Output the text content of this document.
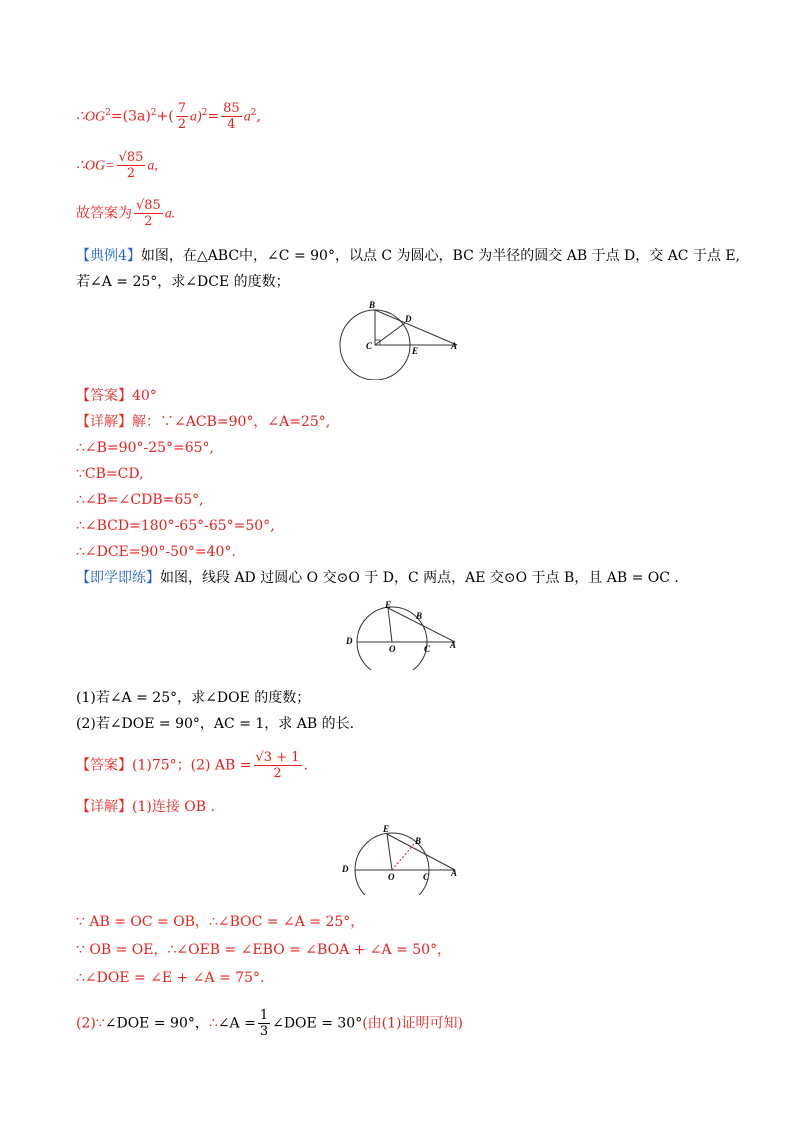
$\therefore OG^2=(3a)^2+( \frac{7}{2} a)^2= \frac{85}{4} a^2$,
∴OG= $\frac{√85}{2} a$,
故答案为 $\frac{√85}{2} a$.
【典例4】如图，在△ABC中，∠C = 90°，以点 C 为圆心，BC 为半径的圆交 AB 于点 D，交 AC 于点 E,
若∠A = 25°，求∠DCE 的度数；
B
D
C	E	A
【答案】40°
【详解】解：∵∠ACB=90°，∠A=25°,
∴∠B=90°-25°=65°,
∵CB=CD,
∴∠B=∠CDB=65°,
∴∠BCD=180°-65°-65°=50°,
∴∠DCE=90°-50°=40°.
【即学即练】如图，线段 AD 过圆心 O 交⊙O 于 D，C 两点，AE 交⊙O 于点 B，且 AB = OC .
E
B
D
O	C A
(1)若∠A = 25°，求∠DOE 的度数；
(2)若∠DOE = 90°，AC = 1，求 AB 的长.
【答案】(1)75°；(2) AB = $\frac{√3 + 1}{2}$ .
【详解】(1)连接 OB .
E
B
D
O	C A
∵ AB = OC = OB，∴∠BOC = ∠A = 25°，
∵ OB = OE，∴∠OEB = ∠EBO = ∠BOA + ∠A = 50°，
∴∠DOE = ∠E + ∠A = 75°.
(2)∵∠DOE = 90°，∴∠A = $\frac{1}{3}$ ∠DOE = 30°(由(1)证明可知)
